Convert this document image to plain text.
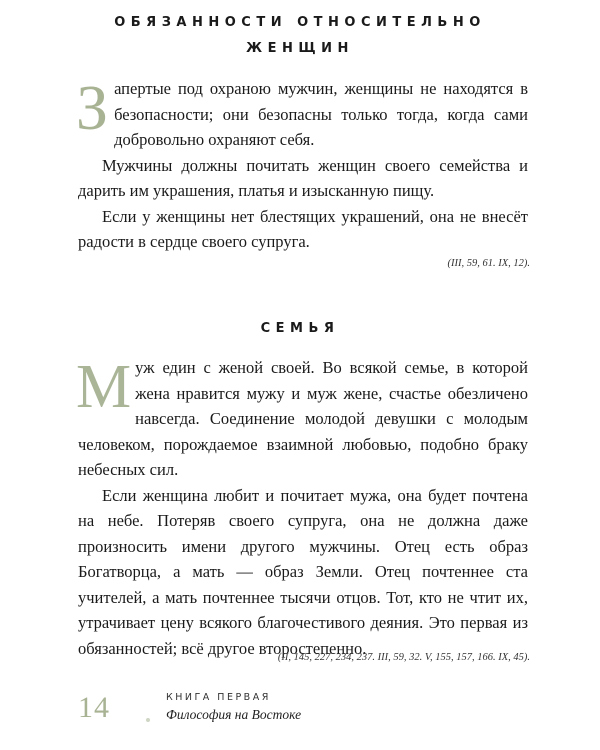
ОБЯЗАННОСТИ ОТНОСИТЕЛЬНО
ЖЕНЩИН

Запертые под охраною мужчин, женщины не находятся в безопасности; они безопасны только тогда, когда сами добровольно охраняют себя.

Мужчины должны почитать женщин своего семейства и дарить им украшения, платья и изысканную пищу.

Если у женщины нет блестящих украшений, она не внесёт радости в сердце своего супруга.

(III, 59, 61. IX, 12).

СЕМЬЯ

Муж един с женой своей. Во всякой семье, в которой жена нравится мужу и муж жене, счастье обезличено навсегда. Соединение молодой девушки с молодым человеком, порождаемое взаимной любовью, подобно браку небесных сил.

Если женщина любит и почитает мужа, она будет почтена на небе. Потеряв своего супруга, она не должна даже произносить имени другого мужчины. Отец есть образ Богатворца, а мать — образ Земли. Отец почтеннее ста учителей, а мать почтеннее тысячи отцов. Тот, кто не чтит их, утрачивает цену всякого благочестивого деяния. Это первая из обязанностей; всё другое второстепенно.

(II, 145, 227, 234, 237. III, 59, 32. V, 155, 157, 166. IX, 45).

14	КНИГА ПЕРВАЯ
Философия на Востоке
